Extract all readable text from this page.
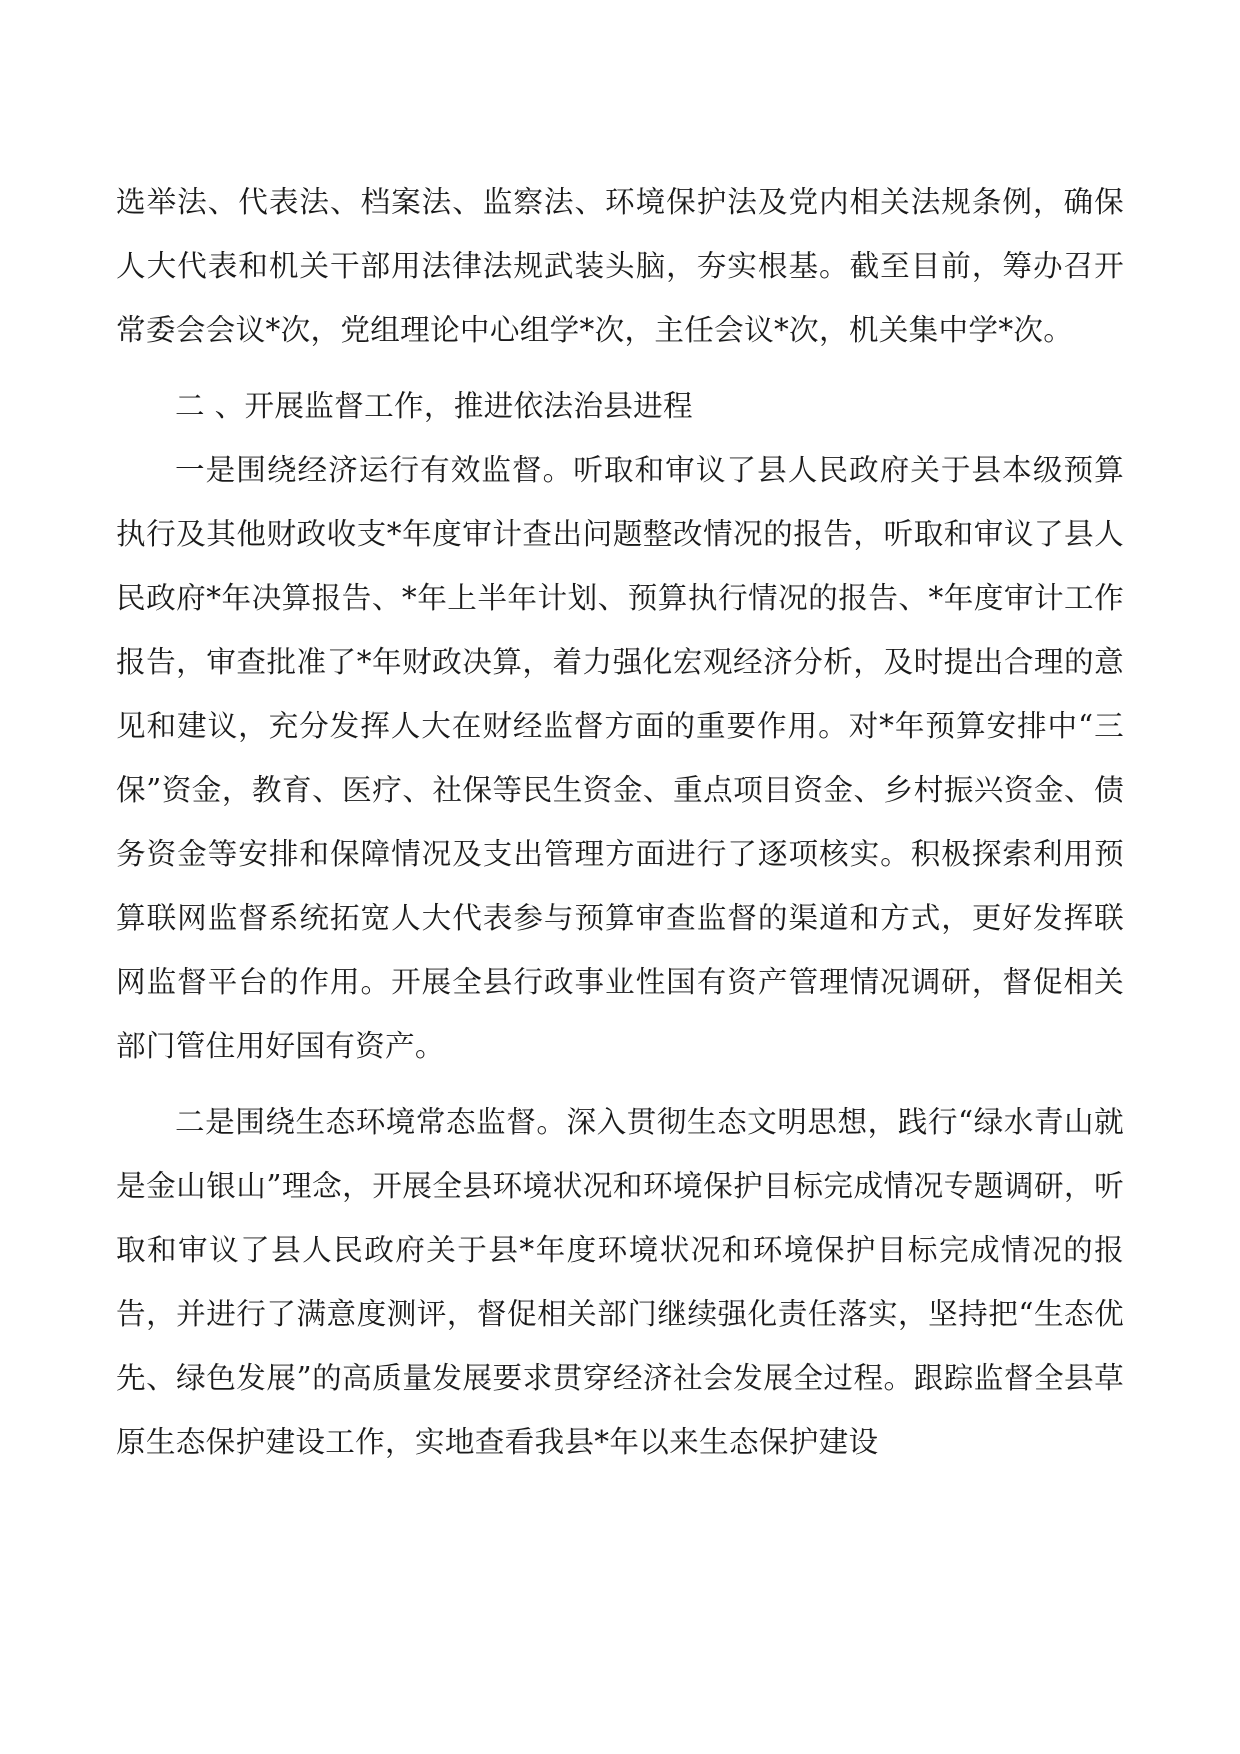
选举法、代表法、档案法、监察法、环境保护法及党内相关法规条例，确保人大代表和机关干部用法律法规武装头脑，夯实根基。截至目前，筹办召开常委会会议*次，党组理论中心组学*次，主任会议*次，机关集中学*次。

二 、开展监督工作，推进依法治县进程

一是围绕经济运行有效监督。听取和审议了县人民政府关于县本级预算执行及其他财政收支*年度审计查出问题整改情况的报告，听取和审议了县人民政府*年决算报告、*年上半年计划、预算执行情况的报告、*年度审计工作报告，审查批准了*年财政决算，着力强化宏观经济分析，及时提出合理的意见和建议，充分发挥人大在财经监督方面的重要作用。对*年预算安排中“三保”资金，教育、医疗、社保等民生资金、重点项目资金、乡村振兴资金、债务资金等安排和保障情况及支出管理方面进行了逐项核实。积极探索利用预算联网监督系统拓宽人大代表参与预算审查监督的渠道和方式，更好发挥联网监督平台的作用。开展全县行政事业性国有资产管理情况调研，督促相关部门管住用好国有资产。

二是围绕生态环境常态监督。深入贯彻生态文明思想，践行“绿水青山就是金山银山”理念，开展全县环境状况和环境保护目标完成情况专题调研，听取和审议了县人民政府关于县*年度环境状况和环境保护目标完成情况的报告，并进行了满意度测评，督促相关部门继续强化责任落实，坚持把“生态优先、绿色发展”的高质量发展要求贯穿经济社会发展全过程。跟踪监督全县草原生态保护建设工作，实地查看我县*年以来生态保护建设
